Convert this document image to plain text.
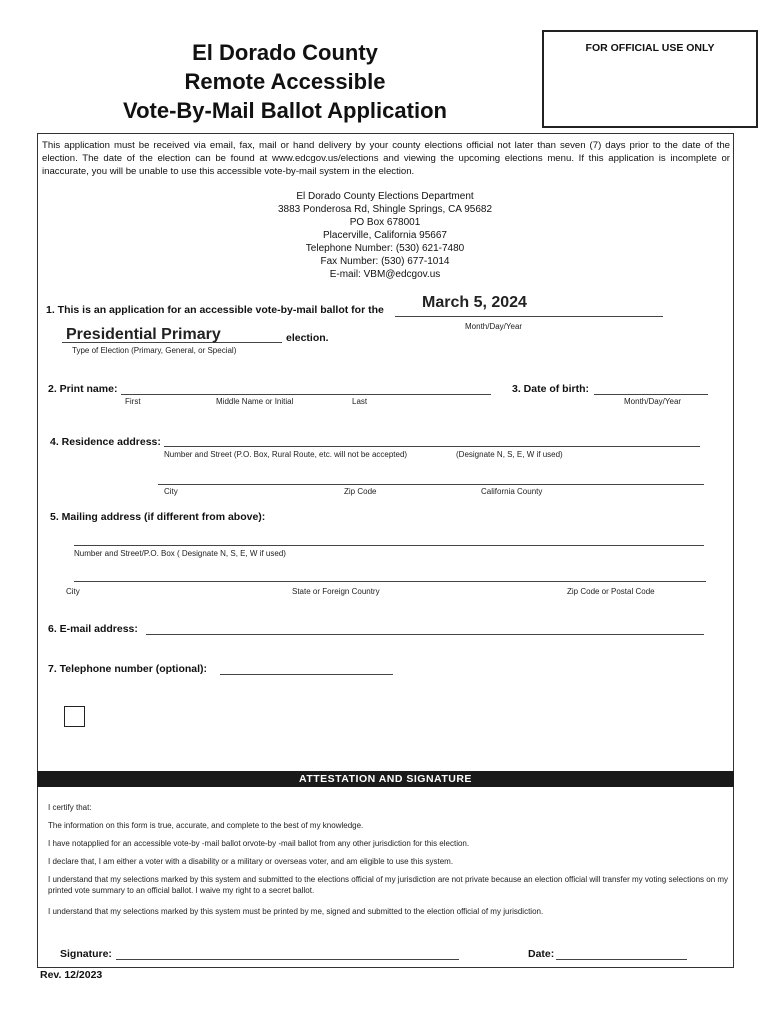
El Dorado County
Remote Accessible
Vote-By-Mail Ballot Application
FOR OFFICIAL USE ONLY
This application must be received via email, fax, mail or hand delivery by your county elections official not later than seven (7) days prior to the date of the election. The date of the election can be found at www.edcgov.us/elections and viewing the upcoming elections menu. If this application is incomplete or inaccurate, you will be unable to use this accessible vote-by-mail system in the election.
El Dorado County Elections Department
3883 Ponderosa Rd, Shingle Springs, CA 95682
PO Box 678001
Placerville, California 95667
Telephone Number: (530) 621-7480
Fax Number: (530) 677-1014
E-mail: VBM@edcgov.us
1. This is an application for an accessible vote-by-mail ballot for the March 5, 2024
Month/Day/Year
Presidential Primary	election.
Type of Election (Primary, General, or Special)
2. Print name:
First	Middle Name or Initial	Last
3. Date of birth:
Month/Day/Year
4. Residence address:
Number and Street (P.O. Box, Rural Route, etc. will not be accepted)	(Designate N, S, E, W if used)
City	Zip Code	California County
5. Mailing address (if different from above):
Number and Street/P.O. Box ( Designate N, S, E, W if used)
City	State or Foreign Country	Zip Code or Postal Code
6. E-mail address:
7. Telephone number (optional):
ATTESTATION AND SIGNATURE
I certify that:
The information on this form is true, accurate, and complete to the best of my knowledge.
I have notapplied for an accessible vote-by -mail ballot orvote-by -mail ballot from any other jurisdiction for this election.
I declare that, I am either a voter with a disability or a military or overseas voter, and am eligible to use this system.
I understand that my selections marked by this system and submitted to the elections official of my jurisdiction are not private because an election official will transfer my voting selections on my printed vote summary to an official ballot. I waive my right to a secret ballot.
I understand that my selections marked by this system must be printed by me, signed and submitted to the election official of my jurisdiction.
Signature:	Date:
Rev. 12/2023
